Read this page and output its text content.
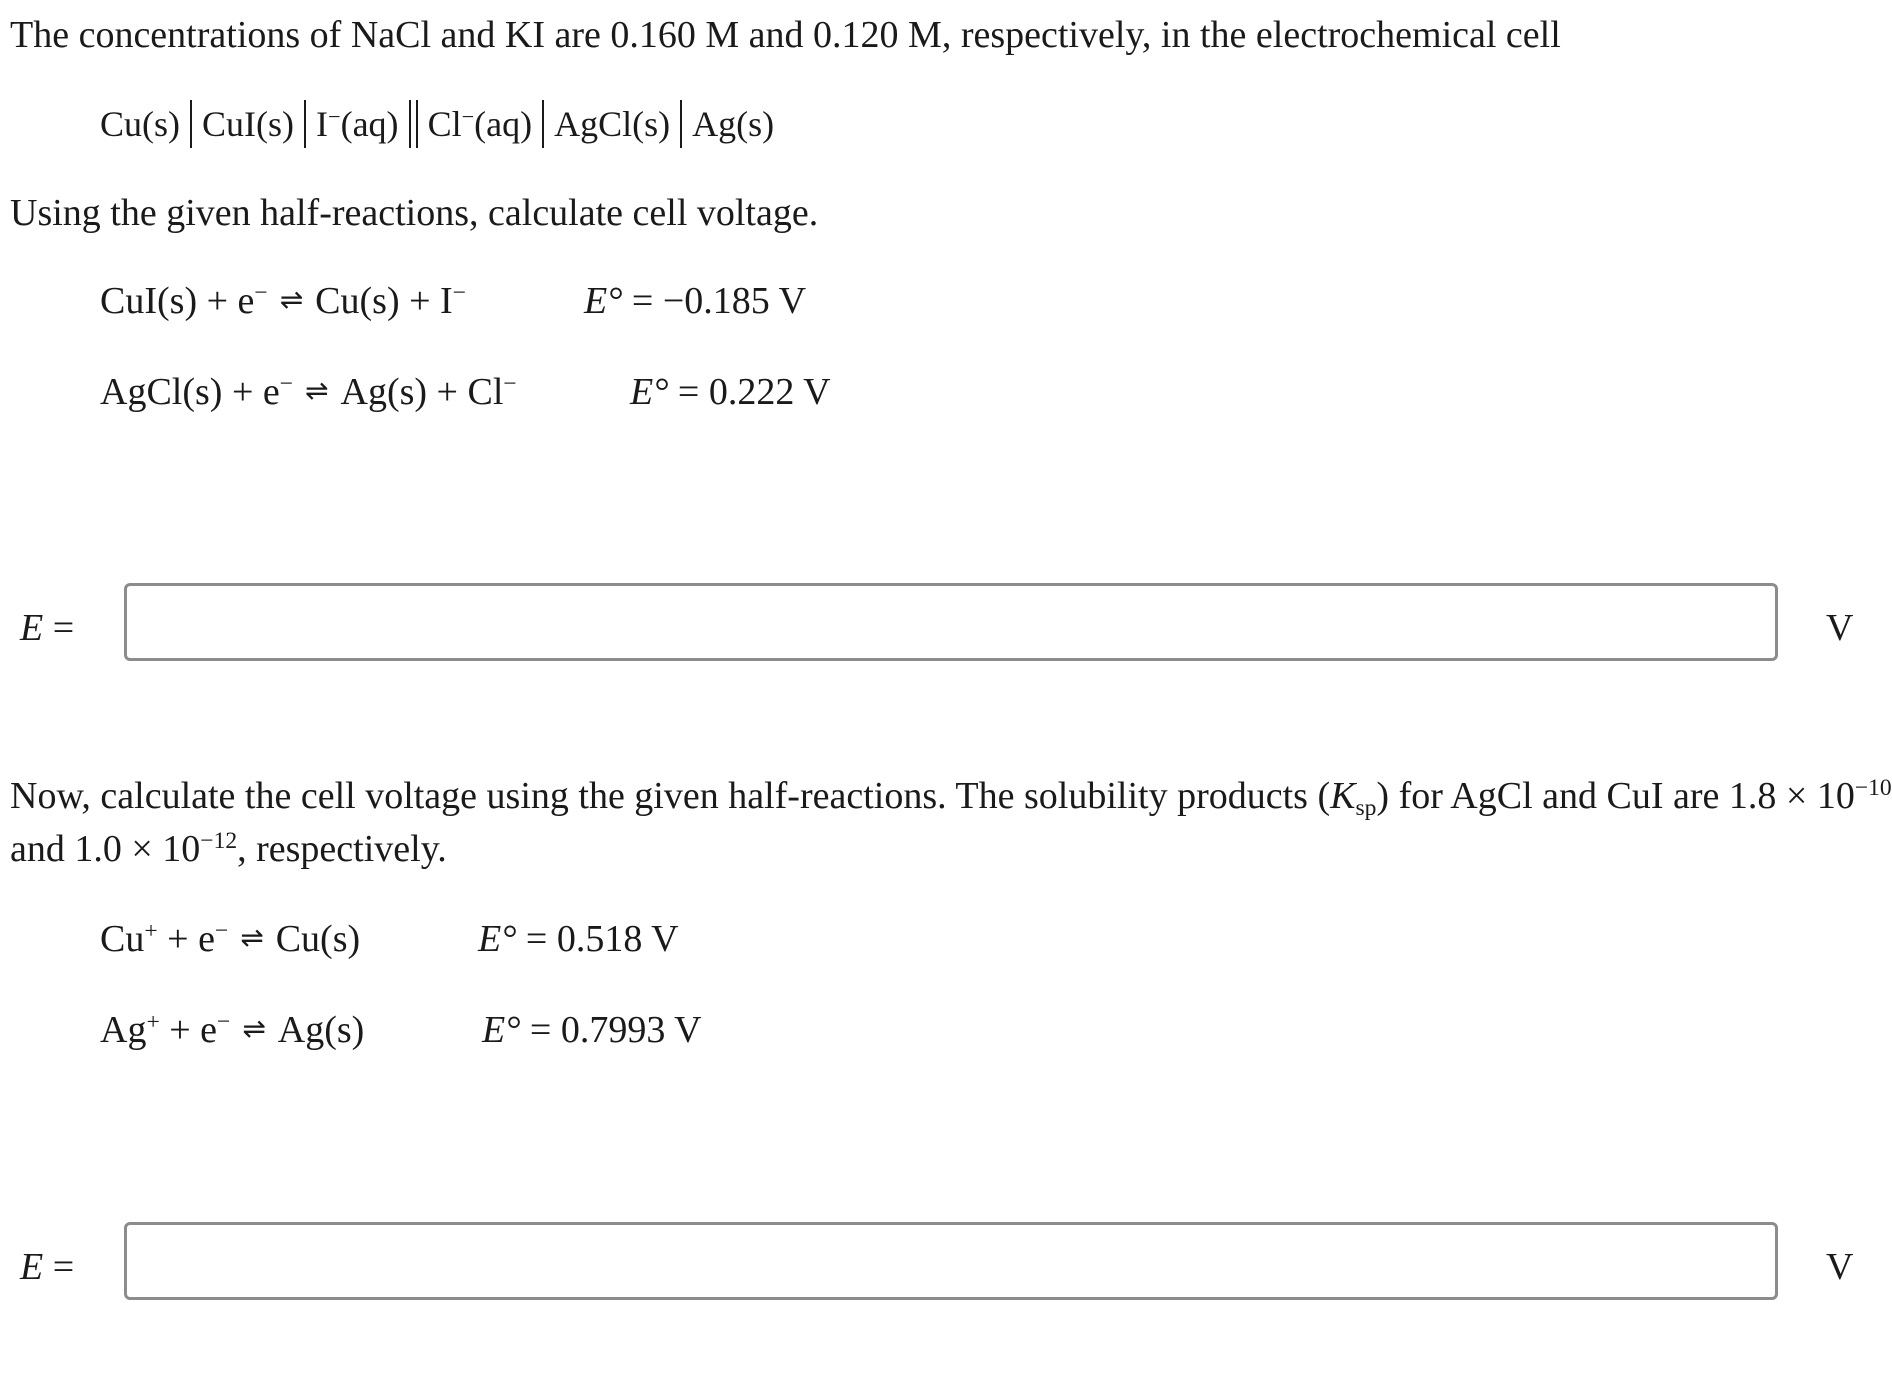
The concentrations of NaCl and KI are 0.160 M and 0.120 M, respectively, in the electrochemical cell
Cu(s) CuI(s) I−(aq) Cl−(aq) AgCl(s) Ag(s)
Using the given half-reactions, calculate cell voltage.
CuI(s) + e− ⇌ Cu(s) + I−	E° = −0.185 V
AgCl(s) + e− ⇌ Ag(s) + Cl−	E° = 0.222 V
E =	V
Now, calculate the cell voltage using the given half-reactions. The solubility products $(K_{sp})$ for AgCl and CuI are $1.8 \times 10^{-10}$
and $1.0 \times 10^{-12}$, respectively.
Cu+ + e− ⇌ Cu(s)	E° = 0.518 V
Ag+ + e− ⇌ Ag(s)	E° = 0.7993 V
E =	V
